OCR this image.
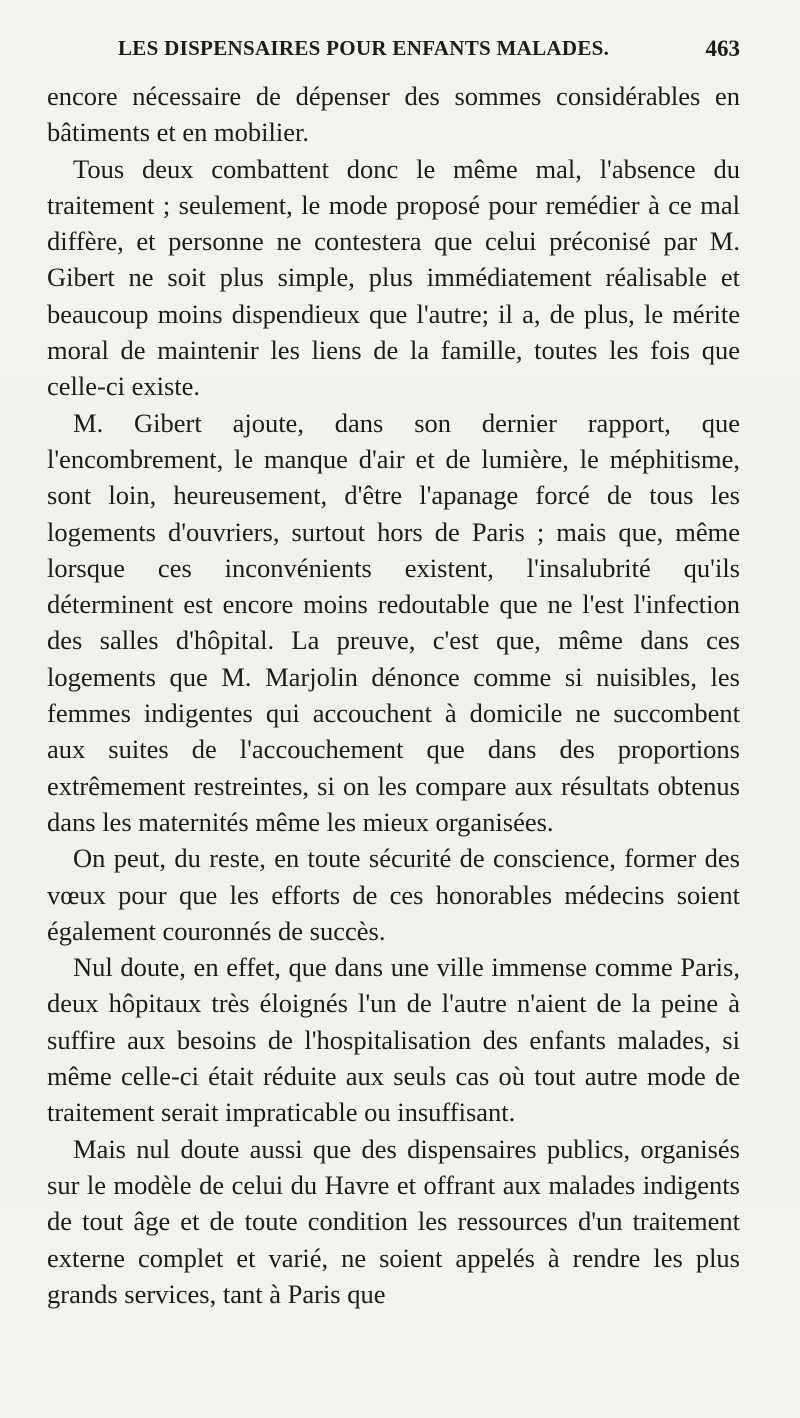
LES DISPENSAIRES POUR ENFANTS MALADES.	463

encore nécessaire de dépenser des sommes considérables en bâtiments et en mobilier.

Tous deux combattent donc le même mal, l'absence du traitement ; seulement, le mode proposé pour remédier à ce mal diffère, et personne ne contestera que celui préconisé par M. Gibert ne soit plus simple, plus immédiatement réalisable et beaucoup moins dispendieux que l'autre; il a, de plus, le mérite moral de maintenir les liens de la famille, toutes les fois que celle-ci existe.

M. Gibert ajoute, dans son dernier rapport, que l'encombrement, le manque d'air et de lumière, le méphitisme, sont loin, heureusement, d'être l'apanage forcé de tous les logements d'ouvriers, surtout hors de Paris ; mais que, même lorsque ces inconvénients existent, l'insalubrité qu'ils déterminent est encore moins redoutable que ne l'est l'infection des salles d'hôpital. La preuve, c'est que, même dans ces logements que M. Marjolin dénonce comme si nuisibles, les femmes indigentes qui accouchent à domicile ne succombent aux suites de l'accouchement que dans des proportions extrêmement restreintes, si on les compare aux résultats obtenus dans les maternités même les mieux organisées.

On peut, du reste, en toute sécurité de conscience, former des vœux pour que les efforts de ces honorables médecins soient également couronnés de succès.

Nul doute, en effet, que dans une ville immense comme Paris, deux hôpitaux très éloignés l'un de l'autre n'aient de la peine à suffire aux besoins de l'hospitalisation des enfants malades, si même celle-ci était réduite aux seuls cas où tout autre mode de traitement serait impraticable ou insuffisant.

Mais nul doute aussi que des dispensaires publics, organisés sur le modèle de celui du Havre et offrant aux malades indigents de tout âge et de toute condition les ressources d'un traitement externe complet et varié, ne soient appelés à rendre les plus grands services, tant à Paris que
